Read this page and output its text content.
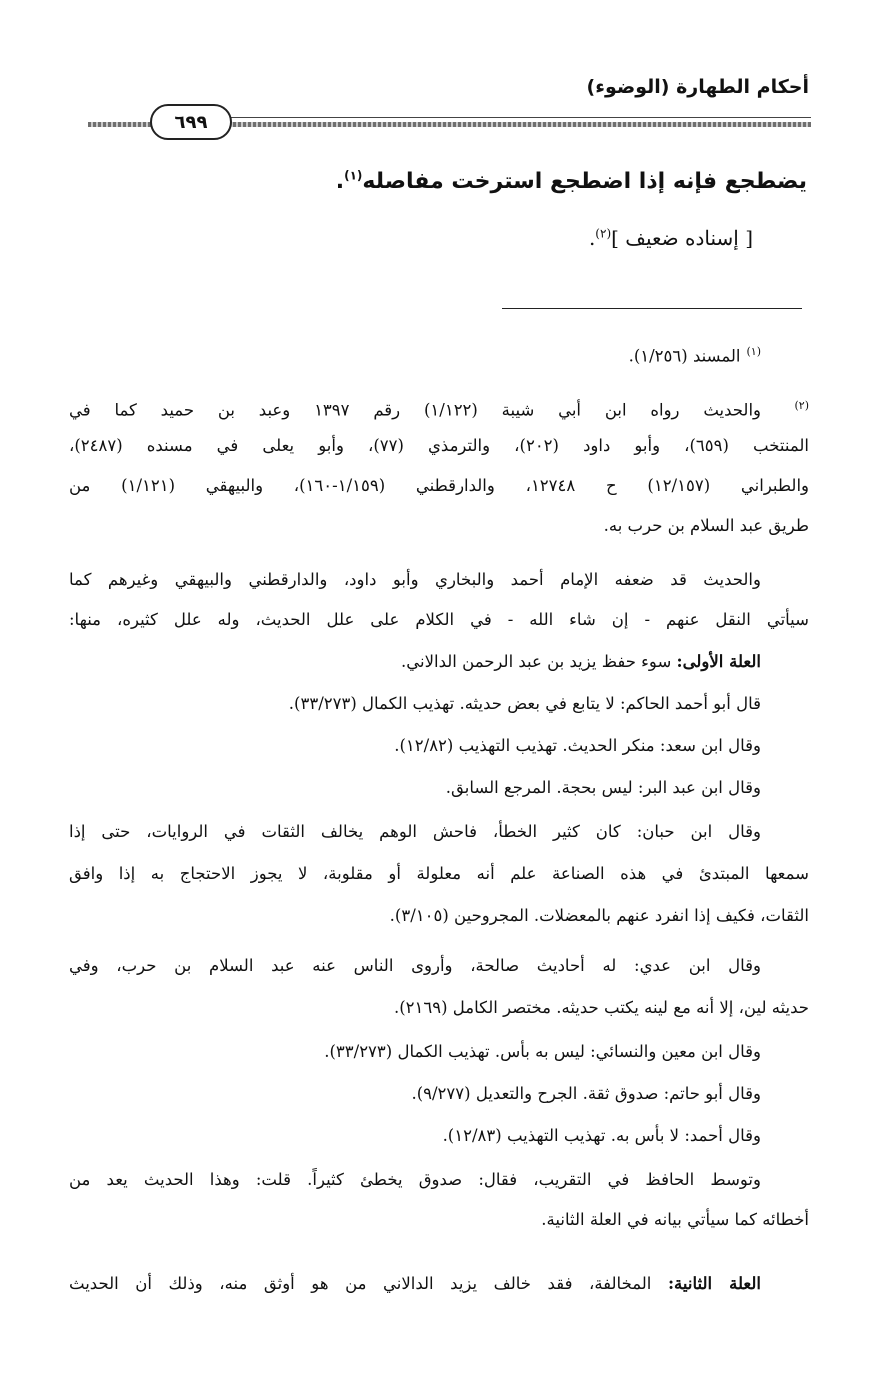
أحكام الطهارة (الوضوء)
٦٩٩
يضطجع فإنه إذا اضطجع استرخت مفاصله$^{(١)}$.
[ إسناده ضعيف ]$^{(٢)}$.
$^{(١)}$المسند (١/٢٥٦).
$^{(٢)}$والحديث رواه ابن أبي شيبة (١/١٢٢) رقم ١٣٩٧ وعبد بن حميد كما في
المنتخب (٦٥٩)، وأبو داود (٢٠٢)، والترمذي (٧٧)، وأبو يعلى في مسنده (٢٤٨٧)،
والطبراني (١٢/١٥٧) ح ١٢٧٤٨، والدارقطني (١/١٥٩-١٦٠)، والبيهقي (١/١٢١) من
طريق عبد السلام بن حرب به.
والحديث قد ضعفه الإمام أحمد والبخاري وأبو داود، والدارقطني والبيهقي وغيرهم كما
سيأتي النقل عنهم - إن شاء الله - في الكلام على علل الحديث، وله علل كثيره، منها:
العلة الأولى: سوء حفظ يزيد بن عبد الرحمن الدالاني.
قال أبو أحمد الحاكم: لا يتابع في بعض حديثه. تهذيب الكمال (٣٣/٢٧٣).
وقال ابن سعد: منكر الحديث. تهذيب التهذيب (١٢/٨٢).
وقال ابن عبد البر: ليس بحجة. المرجع السابق.
وقال ابن حبان: كان كثير الخطأ، فاحش الوهم يخالف الثقات في الروايات، حتى إذا
سمعها المبتدئ في هذه الصناعة علم أنه معلولة أو مقلوبة، لا يجوز الاحتجاج به إذا وافق
الثقات، فكيف إذا انفرد عنهم بالمعضلات. المجروحين (٣/١٠٥).
وقال ابن عدي: له أحاديث صالحة، وأروى الناس عنه عبد السلام بن حرب، وفي
حديثه لين، إلا أنه مع لينه يكتب حديثه. مختصر الكامل (٢١٦٩).
وقال ابن معين والنسائي: ليس به بأس. تهذيب الكمال (٣٣/٢٧٣).
وقال أبو حاتم: صدوق ثقة. الجرح والتعديل (٩/٢٧٧).
وقال أحمد: لا بأس به. تهذيب التهذيب (١٢/٨٣).
وتوسط الحافظ في التقريب، فقال: صدوق يخطئ كثيراً. قلت: وهذا الحديث يعد من
أخطائه كما سيأتي بيانه في العلة الثانية.
العلة الثانية: المخالفة، فقد خالف يزيد الدالاني من هو أوثق منه، وذلك أن الحديث
